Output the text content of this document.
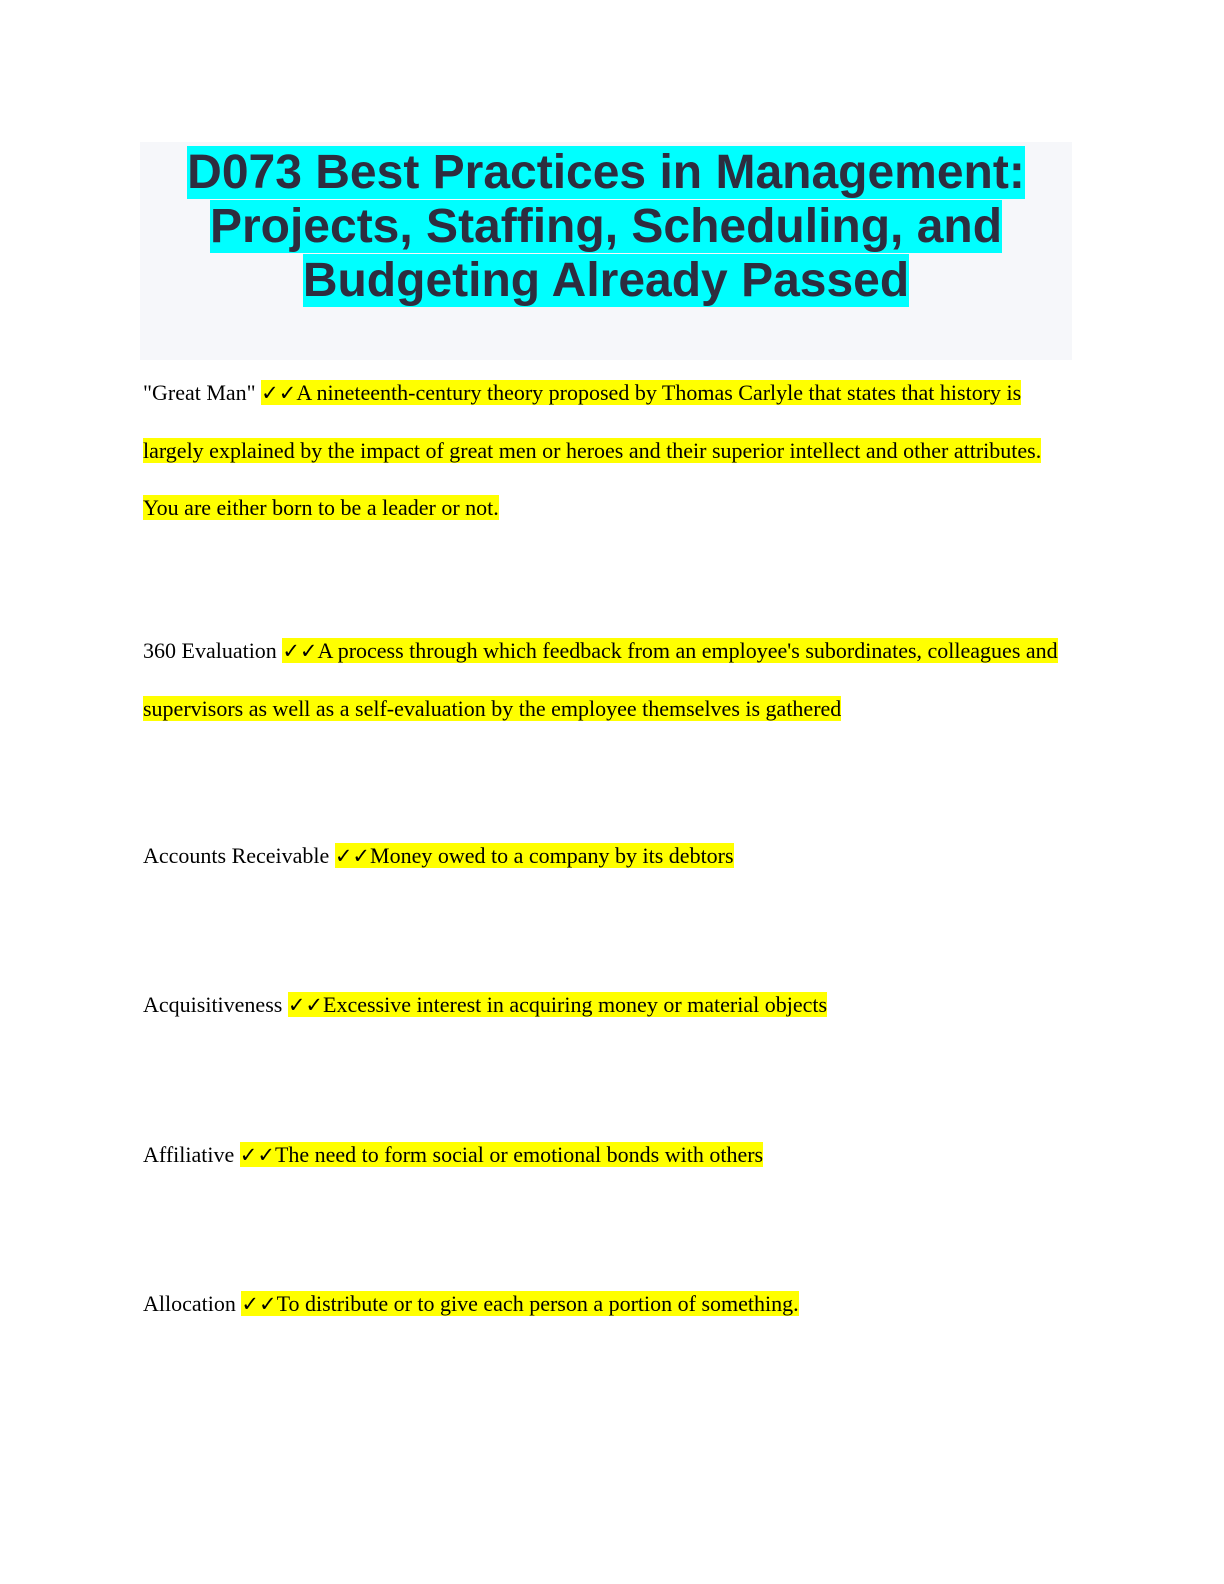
D073 Best Practices in Management:
Projects, Staffing, Scheduling, and
Budgeting Already Passed
"Great Man" ✓✓A nineteenth-century theory proposed by Thomas Carlyle that states that history is largely explained by the impact of great men or heroes and their superior intellect and other attributes. You are either born to be a leader or not.
360 Evaluation ✓✓A process through which feedback from an employee's subordinates, colleagues and supervisors as well as a self-evaluation by the employee themselves is gathered
Accounts Receivable ✓✓Money owed to a company by its debtors
Acquisitiveness ✓✓Excessive interest in acquiring money or material objects
Affiliative ✓✓The need to form social or emotional bonds with others
Allocation ✓✓To distribute or to give each person a portion of something.
